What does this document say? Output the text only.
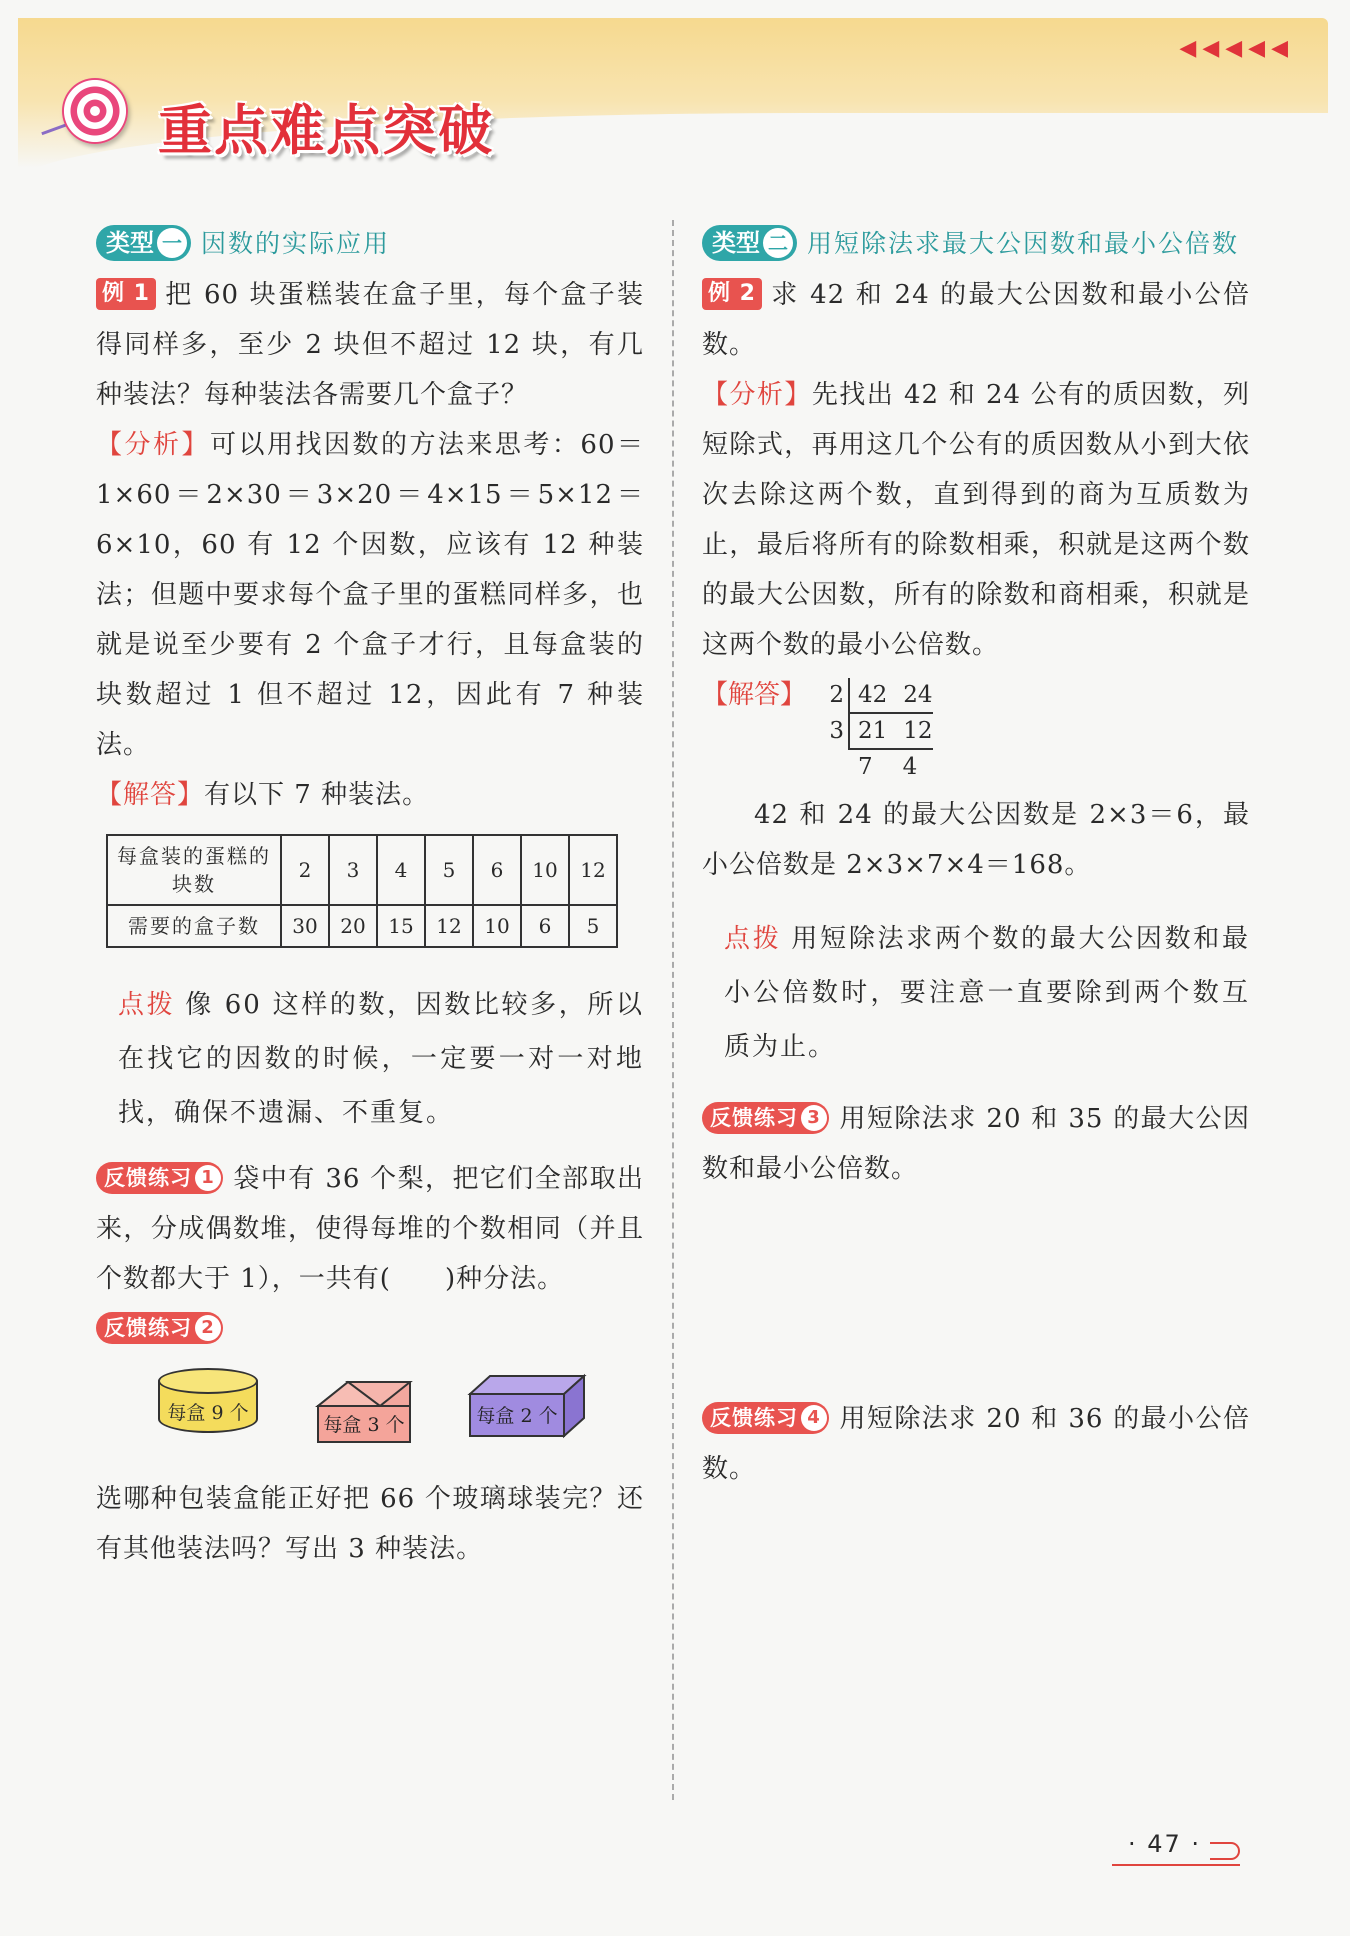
◀ ◀ ◀ ◀ ◀
重点难点突破
类型 一 因数的实际应用

例 1 把 60 块蛋糕装在盒子里，每个盒子装得同样多，至少 2 块但不超过 12 块，有几种装法？每种装法各需要几个盒子？

【分析】可以用找因数的方法来思考：60＝1×60＝2×30＝3×20＝4×15＝5×12＝6×10，60 有 12 个因数，应该有 12 种装法；但题中要求每个盒子里的蛋糕同样多，也就是说至少要有 2 个盒子才行，且每盒装的块数超过 1 但不超过 12，因此有 7 种装法。

【解答】有以下 7 种装法。

每盒装的蛋糕的块数	2	3	4	5	6	10	12
需要的盒子数	30	20	15	12	10	6	5

点拨 像 60 这样的数，因数比较多，所以在找它的因数的时候，一定要一对一对地找，确保不遗漏、不重复。

反馈练习 1 袋中有 36 个梨，把它们全部取出来，分成偶数堆，使得每堆的个数相同（并且个数都大于 1），一共有(　　)种分法。

反馈练习 2

每盒 9 个
每盒 3 个	每盒 2 个

选哪种包装盒能正好把 66 个玻璃球装完？还有其他装法吗？写出 3 种装法。

类型 二 用短除法求最大公因数和最小公倍数

例 2 求 42 和 24 的最大公因数和最小公倍数。

【分析】先找出 42 和 24 公有的质因数，列短除式，再用这几个公有的质因数从小到大依次去除这两个数，直到得到的商为互质数为止，最后将所有的除数相乘，积就是这两个数的最大公因数，所有的除数和商相乘，积就是这两个数的最小公倍数。

【解答】	2 42 24
3 21 12
7 4

42 和 24 的最大公因数是 2×3＝6，最小公倍数是 2×3×7×4＝168。

点拨 用短除法求两个数的最大公因数和最小公倍数时，要注意一直要除到两个数互质为止。

反馈练习 3 用短除法求 20 和 35 的最大公因数和最小公倍数。

反馈练习 4 用短除法求 20 和 36 的最小公倍数。

· 47 ·
